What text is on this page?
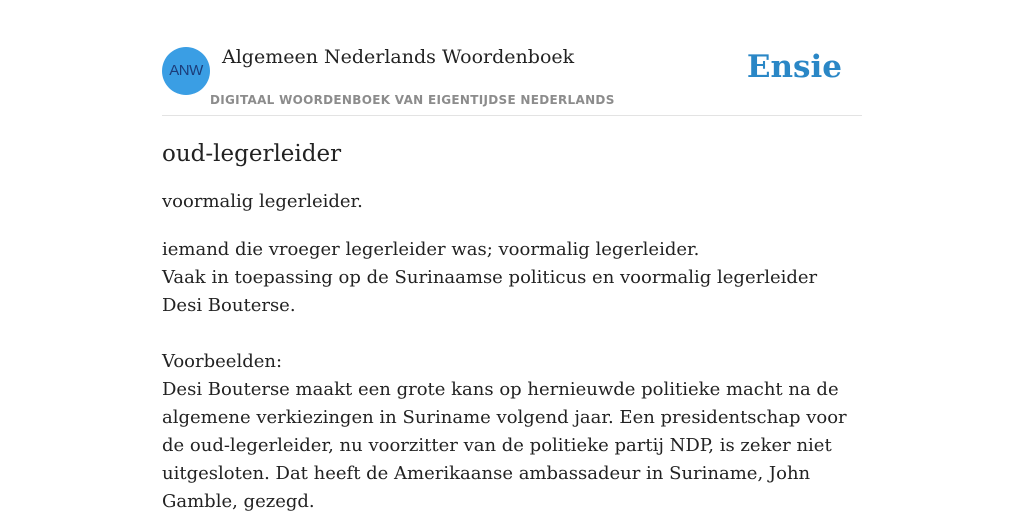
ANW
Algemeen Nederlands Woordenboek
DIGITAAL WOORDENBOEK VAN EIGENTIJDSE NEDERLANDS
Ensie
oud-legerleider

voormalig legerleider.

iemand die vroeger legerleider was; voormalig legerleider.
Vaak in toepassing op de Surinaamse politicus en voormalig legerleider Desi Bouterse.
Voorbeelden:
Desi Bouterse maakt een grote kans op hernieuwde politieke macht na de algemene verkiezingen in Suriname volgend jaar. Een presidentschap voor de oud-legerleider, nu voorzitter van de politieke partij NDP, is zeker niet uitgesloten. Dat heeft de Amerikaanse ambassadeur in Suriname, John Gamble, gezegd.
